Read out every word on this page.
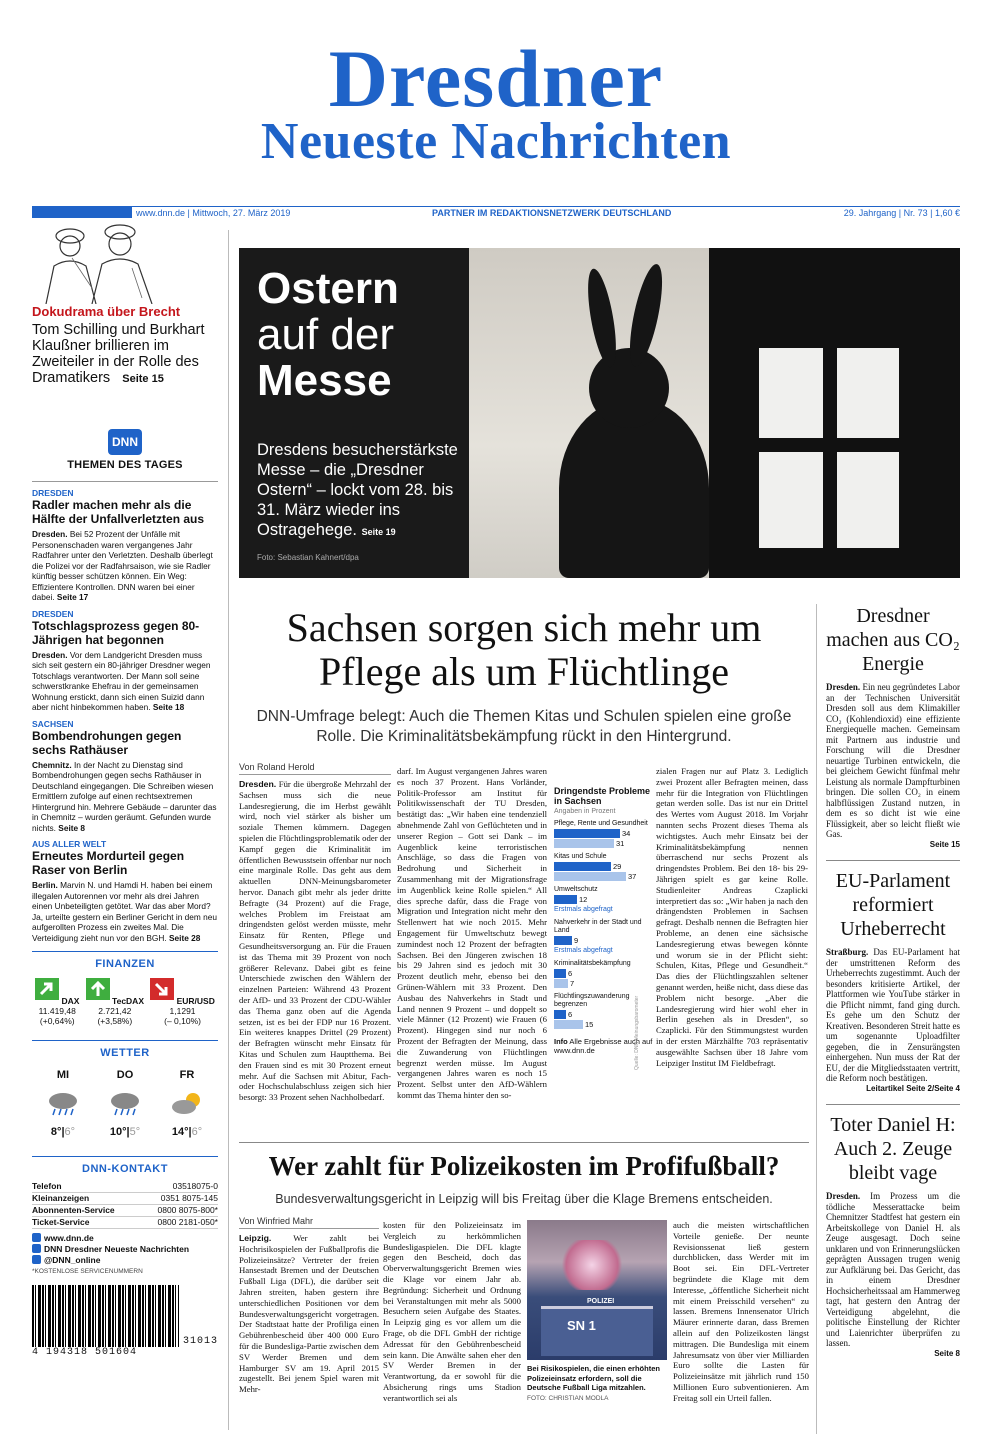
Dresdner
Neueste Nachrichten
www.dnn.de | Mittwoch, 27. März 2019	PARTNER IM REDAKTIONSNETZWERK DEUTSCHLAND	29. Jahrgang | Nr. 73 | 1,60 €
Dokudrama über Brecht
Tom Schilling und Burkhart Klaußner brillieren im Zweiteiler in der Rolle des Dramatikers Seite 15
DNN
THEMEN DES TAGES
DRESDEN
Radler machen mehr als die Hälfte der Unfallverletzten aus
Dresden. Bei 52 Prozent der Unfälle mit Personenschaden waren vergangenes Jahr Radfahrer unter den Verletzten. Deshalb überlegt die Polizei vor der Radfahrsaison, wie sie Radler künftig besser schützen können. Ein Weg: Effizientere Kontrollen. DNN waren bei einer dabei. Seite 17
DRESDEN
Totschlagsprozess gegen 80-Jährigen hat begonnen
Dresden. Vor dem Landgericht Dresden muss sich seit gestern ein 80-jähriger Dresdner wegen Totschlags verantworten. Der Mann soll seine schwerstkranke Ehefrau in der gemeinsamen Wohnung erstickt, dann sich einen Suizid dann aber nicht hinbekommen haben. Seite 18
SACHSEN
Bombendrohungen gegen sechs Rathäuser
Chemnitz. In der Nacht zu Dienstag sind Bombendrohungen gegen sechs Rathäuser in Deutschland eingegangen. Die Schreiben wiesen Ermittlern zufolge auf einen rechtsextremen Hintergrund hin. Mehrere Gebäude – darunter das in Chemnitz – wurden geräumt. Gefunden wurde nichts. Seite 8
AUS ALLER WELT
Erneutes Mordurteil gegen Raser von Berlin
Berlin. Marvin N. und Hamdi H. haben bei einem illegalen Autorennen vor mehr als drei Jahren einen Unbeteiligten getötet. War das aber Mord? Ja, urteilte gestern ein Berliner Gericht in dem neu aufgerollten Prozess ein zweites Mal. Die Verteidigung zieht nun vor den BGH. Seite 28
FINANZEN
DAX
11.419,48
(+0,64%)
TecDAX
2.721,42
(+3,58%)
EUR/USD
1,1291
(– 0,10%)
WETTER
MI
8°|6°
DO
10°|5°
FR
14°|6°
DNN-KONTAKT
Telefon	03518075-0
Kleinanzeigen	0351 8075-145
Abonnenten-Service	0800 8075-800*
Ticket-Service	0800 2181-050*
www.dnn.de
DNN Dresdner Neueste Nachrichten
@DNN_online
*KOSTENLOSE SERVICENUMMERN
31013
4 194318 501604
Ostern
auf der
Messe
Dresdens besucherstärkste Messe – die „Dresdner Ostern“ – lockt vom 28. bis 31. März wieder ins Ostragehege. Seite 19
Foto: Sebastian Kahnert/dpa
Sachsen sorgen sich mehr um Pflege als um Flüchtlinge
DNN-Umfrage belegt: Auch die Themen Kitas und Schulen spielen eine große Rolle. Die Kriminalitätsbekämpfung rückt in den Hintergrund.
Von Roland Herold
Dresden. Für die übergroße Mehrzahl der Sachsen muss sich die neue Landesregierung, die im Herbst gewählt wird, noch viel stärker als bisher um soziale Themen kümmern. Dagegen spielen die Flüchtlingsproblematik oder der Kampf gegen die Kriminalität im öffentlichen Bewusstsein offenbar nur noch eine marginale Rolle. Das geht aus dem aktuellen DNN-Meinungsbarometer hervor. Danach gibt mehr als jeder dritte Befragte (34 Prozent) auf die Frage, welches Problem im Freistaat am dringendsten gelöst werden müsste, mehr Einsatz für Renten, Pflege und Gesundheitsversorgung an. Für die Frauen ist das Thema mit 39 Prozent von noch größerer Relevanz. Dabei gibt es feine Unterschiede zwischen den Wählern der einzelnen Parteien: Während 43 Prozent der AfD- und 33 Prozent der CDU-Wähler das Thema ganz oben auf die Agenda setzen, ist es bei der FDP nur 16 Prozent. Ein weiteres knappes Drittel (29 Prozent) der Befragten wünscht mehr Einsatz für Kitas und Schulen zum Hauptthema. Bei den Frauen sind es mit 30 Prozent erneut mehr. Auf die Sachsen mit Abitur, Fach- oder Hochschulabschluss zeigen sich hier besorgt: 33 Prozent sehen Nachholbedarf.
darf. Im August vergangenen Jahres waren es noch 37 Prozent. Hans Vorländer, Politik-Professor am Institut für Politikwissenschaft der TU Dresden, bestätigt das: „Wir haben eine tendenziell abnehmende Zahl von Geflüchteten und in unserer Region – Gott sei Dank – im Augenblick keine terroristischen Anschläge, so dass die Fragen von Bedrohung und Sicherheit in Zusammenhang mit der Migrationsfrage im Augenblick keine Rolle spielen.“ All dies spreche dafür, dass die Frage von Migration und Integration nicht mehr den Stellenwert hat wie noch 2015. Mehr Engagement für Umweltschutz bewegt zumindest noch 12 Prozent der befragten Sachsen. Bei den Jüngeren zwischen 18 bis 29 Jahren sind es jedoch mit 30 Prozent deutlich mehr, ebenso bei den Grünen-Wählern mit 33 Prozent. Den Ausbau des Nahverkehrs in Stadt und Land nennen 9 Prozent – und doppelt so viele Männer (12 Prozent) wie Frauen (6 Prozent). Hingegen sind nur noch 6 Prozent der Befragten der Meinung, dass die Zuwanderung von Flüchtlingen begrenzt werden müsse. Im August vergangenen Jahres waren es noch 15 Prozent. Selbst unter den AfD-Wählern kommt das Thema hinter den so-
Dringendste Probleme in Sachsen
Angaben in Prozent
Pflege, Rente und Gesundheit
34
31
Kitas und Schule
29
37
Umweltschutz
12
Erstmals abgefragt
Nahverkehr in der Stadt und Land
9
Erstmals abgefragt
Kriminalitätsbekämpfung
6
7
Flüchtlingszuwanderung begrenzen
6
15
Info Alle Ergebnisse auch auf www.dnn.de	Quelle: DNN-Meinungsbarometer
zialen Fragen nur auf Platz 3. Lediglich zwei Prozent aller Befragten meinen, dass mehr für die Integration von Flüchtlingen getan werden solle. Das ist nur ein Drittel des Wertes vom August 2018. Im Vorjahr nannten sechs Prozent dieses Thema als wichtigstes. Auch mehr Einsatz bei der Kriminalitätsbekämpfung nennen überraschend nur sechs Prozent als dringendstes Problem. Bei den 18- bis 29-Jährigen spielt es gar keine Rolle. Studienleiter Andreas Czaplicki interpretiert das so: „Wir haben ja nach den drängendsten Problemen in Sachsen gefragt. Deshalb nennen die Befragten hier Probleme, an denen eine sächsische Landesregierung etwas bewegen könnte und worum sie in der Pflicht sieht: Schulen, Kitas, Pflege und Gesundheit.“ Das dies der Flüchtlingszahlen seltener genannt werden, heiße nicht, dass diese das Problem nicht besorge. „Aber die Landesregierung wird hier wohl eher in Berlin gesehen als in Dresden“, so Czaplicki. Für den Stimmungstest wurden in der ersten Märzhälfte 703 repräsentativ ausgewählte Sachsen über 18 Jahre vom Leipziger Institut IM Fieldbefragt.
Dresdner machen aus CO₂ Energie
Dresden. Ein neu gegründetes Labor an der Technischen Universität Dresden soll aus dem Klimakiller CO₂ (Kohlendioxid) eine effiziente Energiequelle machen. Gemeinsam mit Partnern aus industrie und Forschung will die Dresdner neuartige Turbinen entwickeln, die bei gleichem Gewicht fünfmal mehr Leistung als normale Dampfturbinen bringen. Die sollen CO₂ in einem halbflüssigen Zustand nutzen, in dem es so dicht ist wie eine Flüssigkeit, aber so leicht fließt wie Gas.
Seite 15
EU-Parlament reformiert Urheberrecht
Straßburg. Das EU-Parlament hat der umstrittenen Reform des Urheberrechts zugestimmt. Auch der besonders kritisierte Artikel, der Plattformen wie YouTube stärker in die Pflicht nimmt, fand ging durch. Es gehe um den Schutz der Kreativen. Besonderen Streit hatte es um sogenannte Uploadfilter gegeben, die in Zensurängsten einhergehen. Nun muss der Rat der EU, der die Mitgliedsstaaten vertritt, die Reform noch bestätigen.
Leitartikel Seite 2/Seite 4
Toter Daniel H: Auch 2. Zeuge bleibt vage
Dresden. Im Prozess um die tödliche Messerattacke beim Chemnitzer Stadtfest hat gestern ein Arbeitskollege von Daniel H. als Zeuge ausgesagt. Doch seine unklaren und von Erinnerungslücken geprägten Aussagen trugen wenig zur Aufklärung bei. Das Gericht, das in einem Dresdner Hochsicherheitssaal am Hammerweg tagt, hat gestern den Antrag der Verteidigung abgelehnt, die politische Einstellung der Richter und Laienrichter überprüfen zu lassen.
Seite 8
Wer zahlt für Polizeikosten im Profifußball?
Bundesverwaltungsgericht in Leipzig will bis Freitag über die Klage Bremens entscheiden.
Von Winfried Mahr
Leipzig.	Wer zahlt bei Hochrisikospielen der Fußballprofis die Polizeieinsätze? Vertreter der freien Hansestadt Bremen und der Deutschen Fußball Liga (DFL), die darüber seit Jahren streiten, haben gestern ihre unterschiedlichen Positionen vor dem Bundesverwaltungsgericht vorgetragen. Der Stadtstaat hatte der Profiliga einen Gebührenbescheid über 400 000 Euro für die Bundesliga-Partie zwischen dem SV Werder Bremen und dem Hamburger SV am 19. April 2015 zugestellt. Bei jenem Spiel waren mit Mehr-
kosten für den Polizeieinsatz im Vergleich zu herkömmlichen Bundesligaspielen. Die DFL klagte gegen den Bescheid, doch das Oberverwaltungsgericht Bremen wies die Klage vor einem Jahr ab. Begründung: Sicherheit und Ordnung bei Veranstaltungen mit mehr als 5000 Besuchern seien Aufgabe des Staates. In Leipzig ging es vor allem um die Frage, ob die DFL GmbH der richtige Adressat für den Gebührenbescheid sein kann. Die Anwälte sahen eher den SV Werder Bremen in der Verantwortung, da er sowohl für die Absicherung rings ums Stadion verantwortlich sei als
POLIZEI
SN 1
Bei Risikospielen, die einen erhöhten Polizeieinsatz erfordern, soll die Deutsche Fußball Liga mitzahlen. FOTO: CHRISTIAN MODLA
auch die meisten wirtschaftlichen Vorteile genieße. Der neunte Revisionssenat ließ gestern durchblicken, dass Werder mit im Boot sei. Ein DFL-Vertreter begründete die Klage mit dem Interesse, „öffentliche Sicherheit nicht mit einem Preisschild versehen“ zu lassen. Bremens Innensenator Ulrich Mäurer erinnerte daran, dass Bremen allein auf den Polizeikosten längst mittragen. Die Bundesliga mit einem Jahresumsatz von über vier Milliarden Euro sollte die Lasten für Polizeieinsätze mit jährlich rund 150 Millionen Euro subventionieren. Am Freitag soll ein Urteil fallen.
